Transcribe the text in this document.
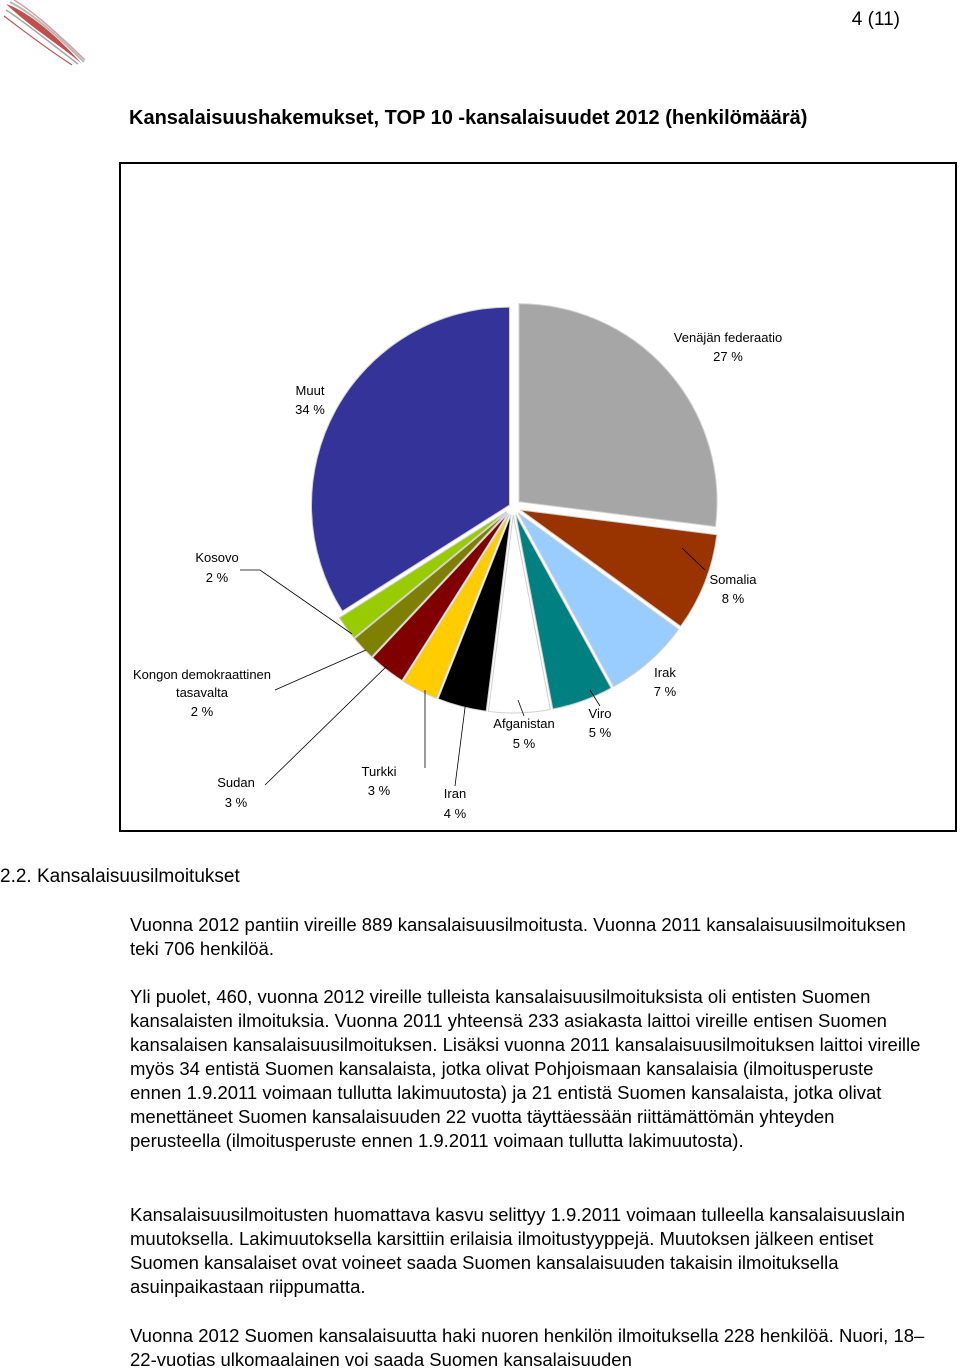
4 (11)
Kansalaisuushakemukset, TOP 10 -kansalaisuudet 2012 (henkilömäärä)
Venäjän federaatio
27 %
Somalia
8 %
Irak
7 %
Viro
5 %
Afganistan
5 %
Iran
4 %
Turkki
3 %
Sudan
3 %
Kongon demokraattinen
tasavalta
2 %
Kosovo
2 %
Muut
34 %
2.2. Kansalaisuusilmoitukset

Vuonna 2012 pantiin vireille 889 kansalaisuusilmoitusta. Vuonna 2011 kansalaisuusilmoituksen teki 706 henkilöä.

Yli puolet, 460, vuonna 2012 vireille tulleista kansalaisuusilmoituksista oli entisten Suomen kansalaisten ilmoituksia. Vuonna 2011 yhteensä 233 asiakasta laittoi vireille entisen Suomen kansalaisen kansalaisuusilmoituksen. Lisäksi vuonna 2011 kansalaisuusilmoituksen laittoi vireille myös 34 entistä Suomen kansalaista, jotka olivat Pohjoismaan kansalaisia (ilmoitusperuste ennen 1.9.2011 voimaan tullutta lakimuutosta) ja 21 entistä Suomen kansalaista, jotka olivat menettäneet Suomen kansalaisuuden 22 vuotta täyttäessään riittämättömän yhteyden perusteella (ilmoitusperuste ennen 1.9.2011 voimaan tullutta lakimuutosta).

Kansalaisuusilmoitusten huomattava kasvu selittyy 1.9.2011 voimaan tulleella kansalaisuuslain muutoksella. Lakimuutoksella karsittiin erilaisia ilmoitustyyppejä. Muutoksen jälkeen entiset Suomen kansalaiset ovat voineet saada Suomen kansalaisuuden takaisin ilmoituksella asuinpaikastaan riippumatta.

Vuonna 2012 Suomen kansalaisuutta haki nuoren henkilön ilmoituksella 228 henkilöä. Nuori, 18–22-vuotias ulkomaalainen voi saada Suomen kansalaisuuden
